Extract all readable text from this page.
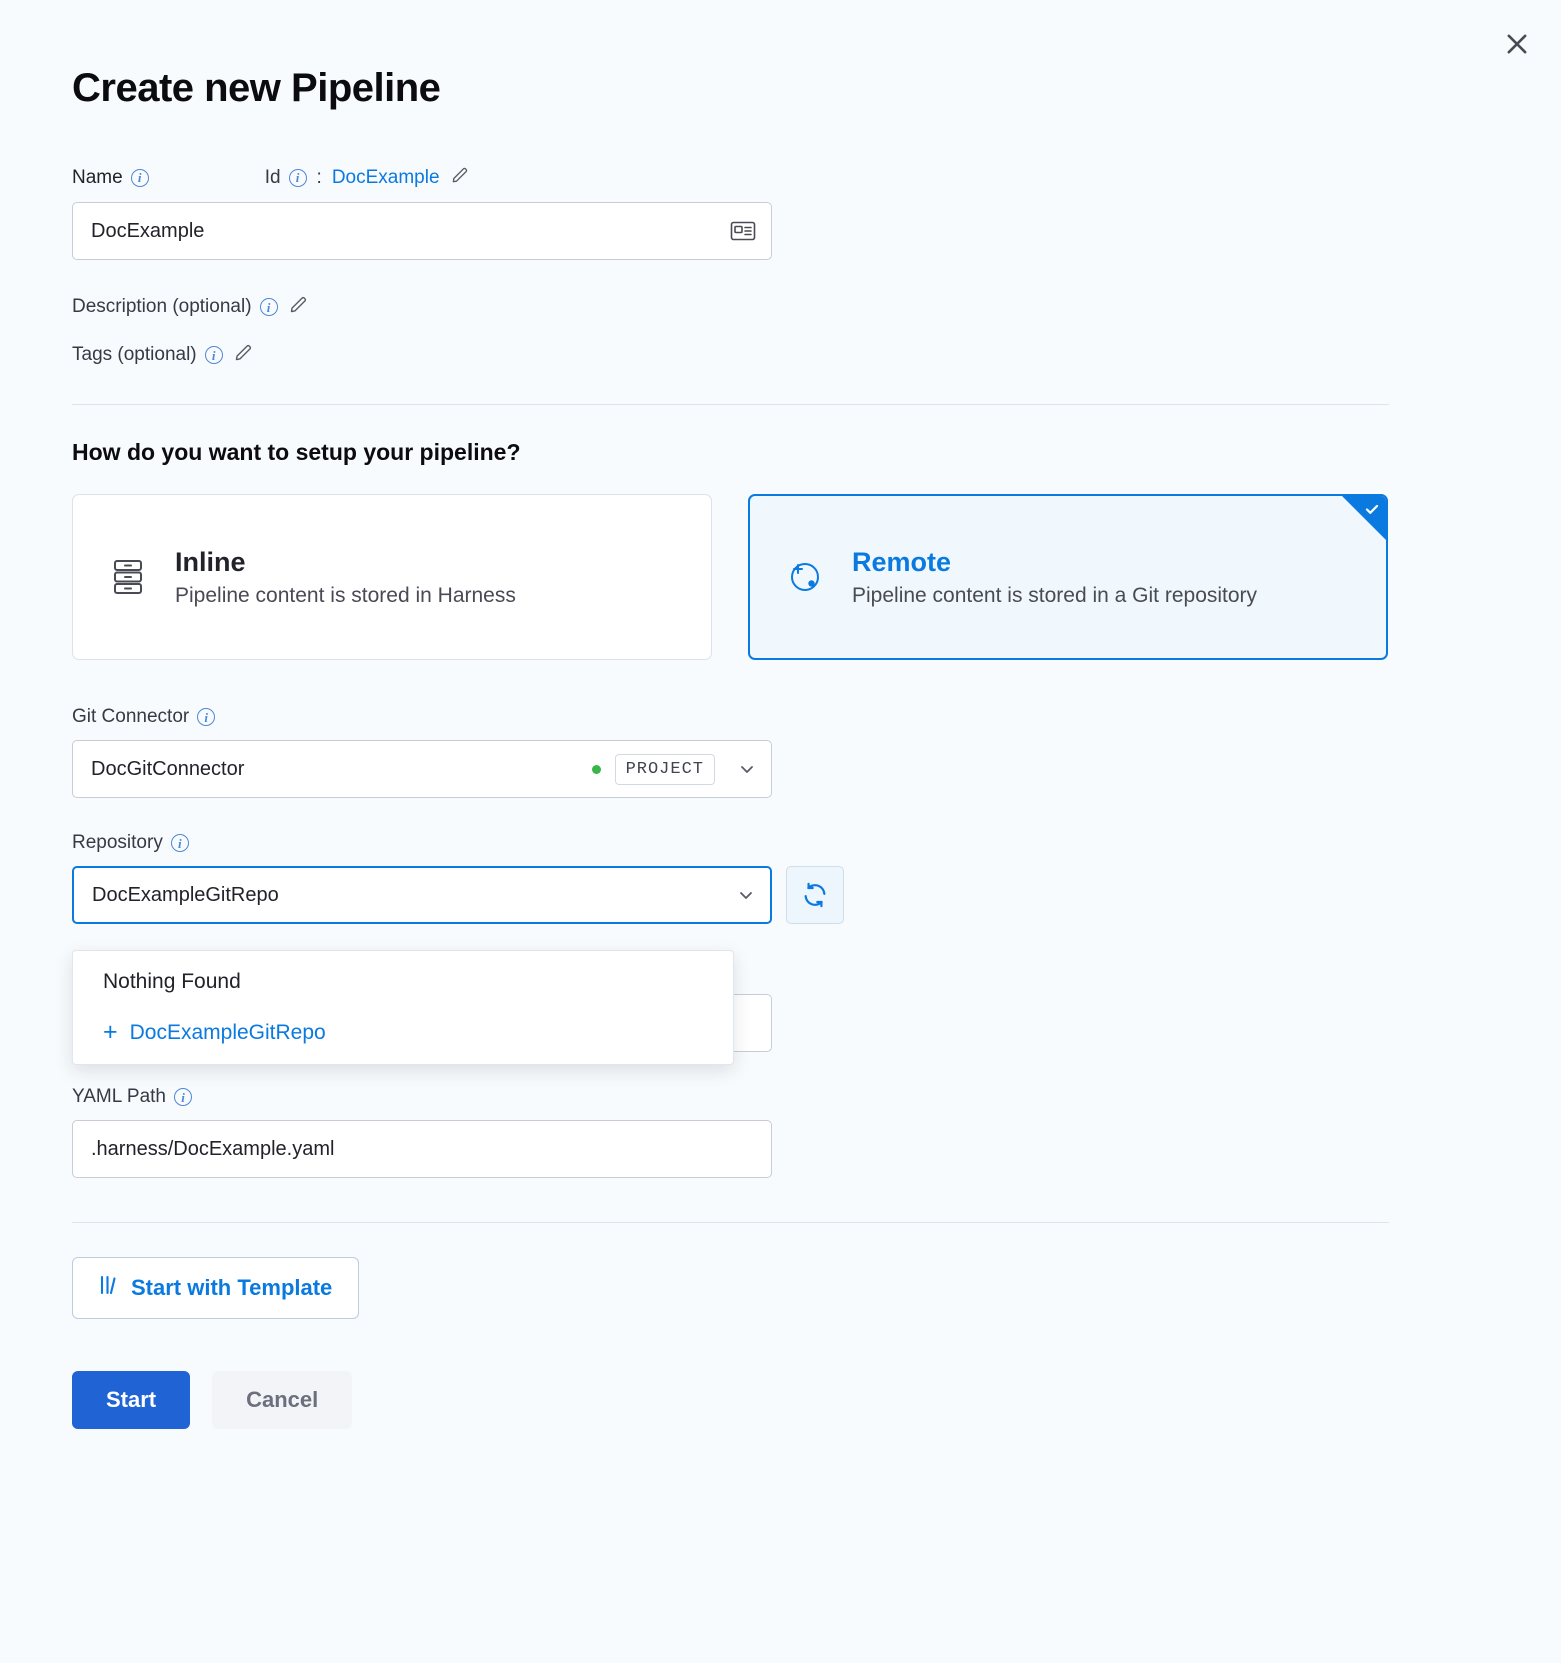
Create new Pipeline
Name	i	Id	i : DocExample
DocExample
Description (optional)	i
Tags (optional)	i
How do you want to setup your pipeline?
Inline
Pipeline content is stored in Harness
Remote
Pipeline content is stored in a Git repository
Git Connector	i
DocGitConnector	PROJECT
Repository	i
DocExampleGitRepo
Nothing Found
+ DocExampleGitRepo
YAML Path	i
.harness/DocExample.yaml
Start with Template
Start	Cancel
